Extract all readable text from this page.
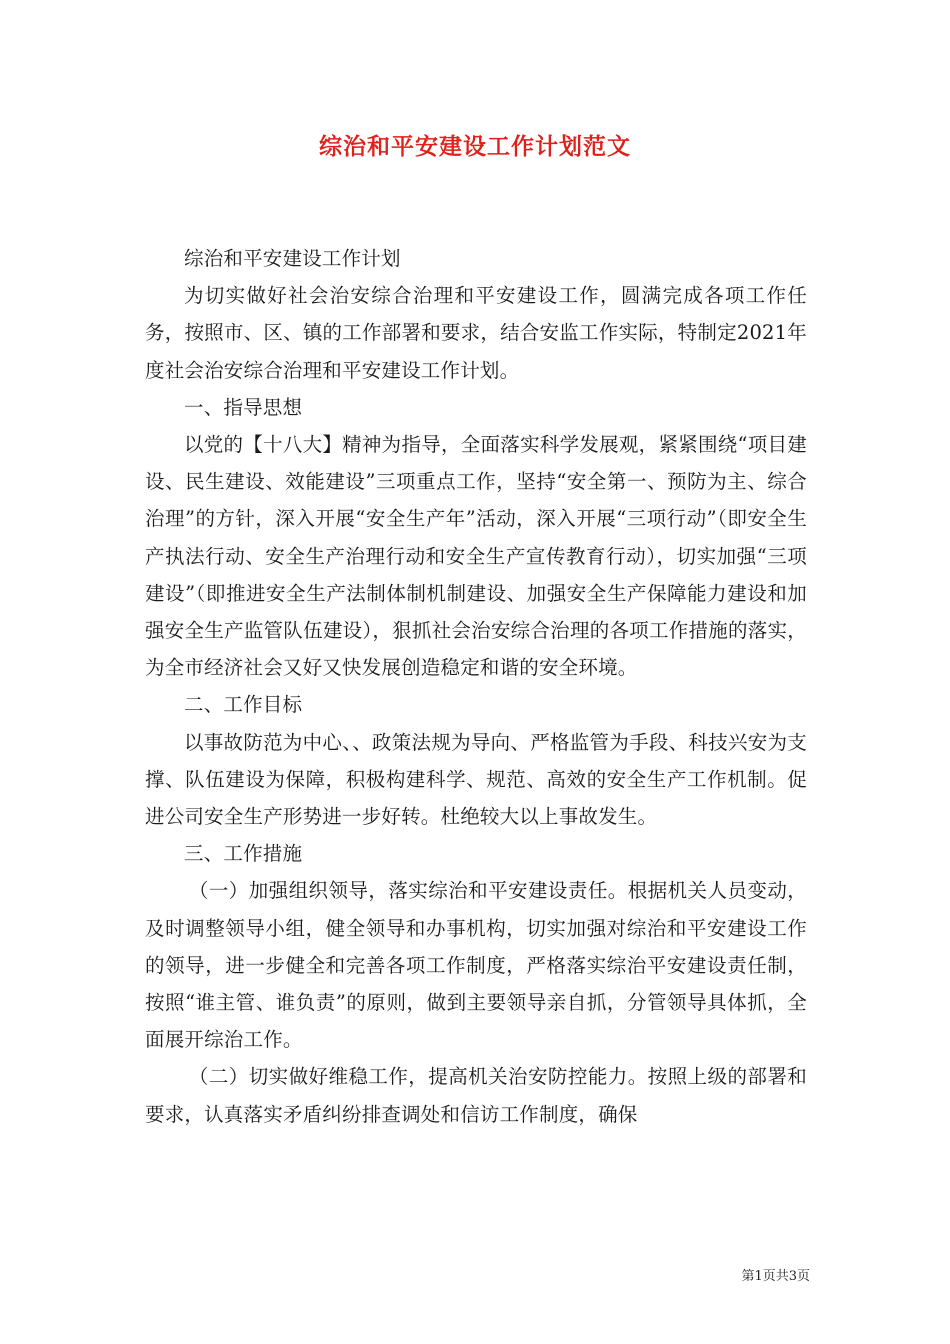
综治和平安建设工作计划范文

综治和平安建设工作计划

为切实做好社会治安综合治理和平安建设工作，圆满完成各项工作任务，按照市、区、镇的工作部署和要求，结合安监工作实际，特制定2021年度社会治安综合治理和平安建设工作计划。

一、指导思想

以党的【十八大】精神为指导，全面落实科学发展观，紧紧围绕“项目建设、民生建设、效能建设”三项重点工作，坚持“安全第一、预防为主、综合治理”的方针，深入开展“安全生产年”活动，深入开展“三项行动”（即安全生产执法行动、安全生产治理行动和安全生产宣传教育行动），切实加强“三项建设”（即推进安全生产法制体制机制建设、加强安全生产保障能力建设和加强安全生产监管队伍建设），狠抓社会治安综合治理的各项工作措施的落实，为全市经济社会又好又快发展创造稳定和谐的安全环境。

二、工作目标

以事故防范为中心、、政策法规为导向、严格监管为手段、科技兴安为支撑、队伍建设为保障，积极构建科学、规范、高效的安全生产工作机制。促进公司安全生产形势进一步好转。杜绝较大以上事故发生。

三、工作措施

（一）加强组织领导，落实综治和平安建设责任。根据机关人员变动，及时调整领导小组，健全领导和办事机构，切实加强对综治和平安建设工作的领导，进一步健全和完善各项工作制度，严格落实综治平安建设责任制，按照“谁主管、谁负责”的原则，做到主要领导亲自抓，分管领导具体抓，全面展开综治工作。

（二）切实做好维稳工作，提高机关治安防控能力。按照上级的部署和要求，认真落实矛盾纠纷排查调处和信访工作制度，确保

第1页共3页
